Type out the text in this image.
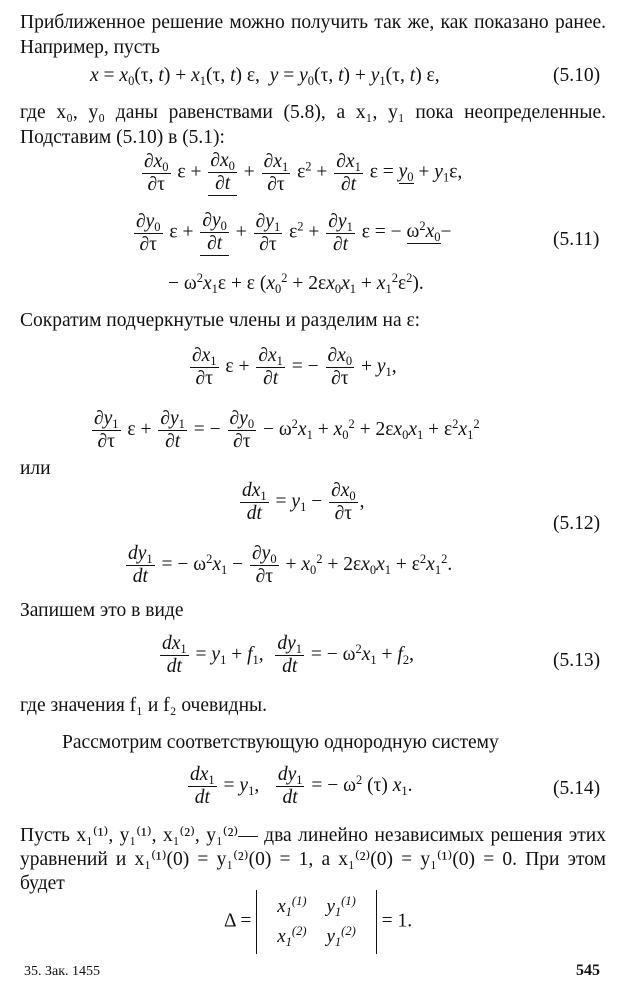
Приближенное решение можно получить так же, как показано ранее. Например, пусть
$x = x_0(\tau$, $t) + x_1(\tau$, t) ε,  $y = y_0(\tau$, $t) + y_1(\tau$, t) ε,	(5.10)
где x₀, y₀ даны равенствами (5.8), а x₁, y₁ пока неопределенные. Подставим (5.10) в (5.1):
$\frac{\partial x_0}{\partial\tau}$ $\varepsilon + \frac{\partial x_0}{\partial t} + \frac{\partial x_1}{\partial\tau} \varepsilon^2 + \frac{\partial x_1}{\partial t}$ $\varepsilon = y_0 + y_1\varepsilon$,
$\frac{\partial y_0}{\partial\tau}$ $\varepsilon + \frac{\partial y_0}{\partial t} + \frac{\partial y_1}{\partial\tau} \varepsilon^2 + \frac{\partial y_1}{\partial t}$ ε = − $\omega^2x_0-$	(5.11)
− $\omega^2x_1\varepsilon + \varepsilon$ $(x_0^2 + 2\varepsilon x_0x_1 + x_1^2\varepsilon^2)$.
Сократим подчеркнутые члены и разделим на ε:
$\frac{\partial x_1}{\partial\tau}$ $\varepsilon + \frac{\partial x_1}{\partial t}$ = − $\frac{\partial x_0}{\partial\tau} + y_1$,
$\frac{\partial y_1}{\partial\tau}$ $\varepsilon + \frac{\partial y_1}{\partial t}$ = − $\frac{\partial y_0}{\partial\tau} - \omega^2x_1 + x_0^2 + 2\varepsilon x_0x_1 + \varepsilon^2x_1^2$
или
$\frac{dx_1}{dt} = y_1 - \frac{\partial x_0}{\partial\tau}$ ,
(5.12)
$\frac{dy_1}{dt}$ = − $\omega^2x_1 - \frac{\partial y_0}{\partial\tau} + x_0^2 + 2\varepsilon x_0x_1 + \varepsilon^2x_1^2$.
Запишем это в виде
$\frac{dx_1}{dt} = y_1 + f_1$, $\frac{dy_1}{dt}$ = − $\omega^2x_1 + f_2$,	(5.13)
где значения f₁ и f₂ очевидны.
Рассмотрим соответствующую однородную систему
$\frac{dx_1}{dt} = y_1$, $\frac{dy_1}{dt}$ = − $\omega^2$ (τ) $x_1$.	(5.14)
Пусть x₁⁽¹⁾, y₁⁽¹⁾, x₁⁽²⁾, y₁⁽²⁾— два линейно независимых решения этих уравнений и x₁⁽¹⁾(0) = y₁⁽²⁾(0) = 1, а x₁⁽²⁾(0) = y₁⁽¹⁾(0) = 0. При этом будет
Δ =
$x_1^{(1)}$	$y_1^{(1)}$
$x_1^{(2)}$	$y_1^{(2)} = 1$.
35. Зак. 1455	545
